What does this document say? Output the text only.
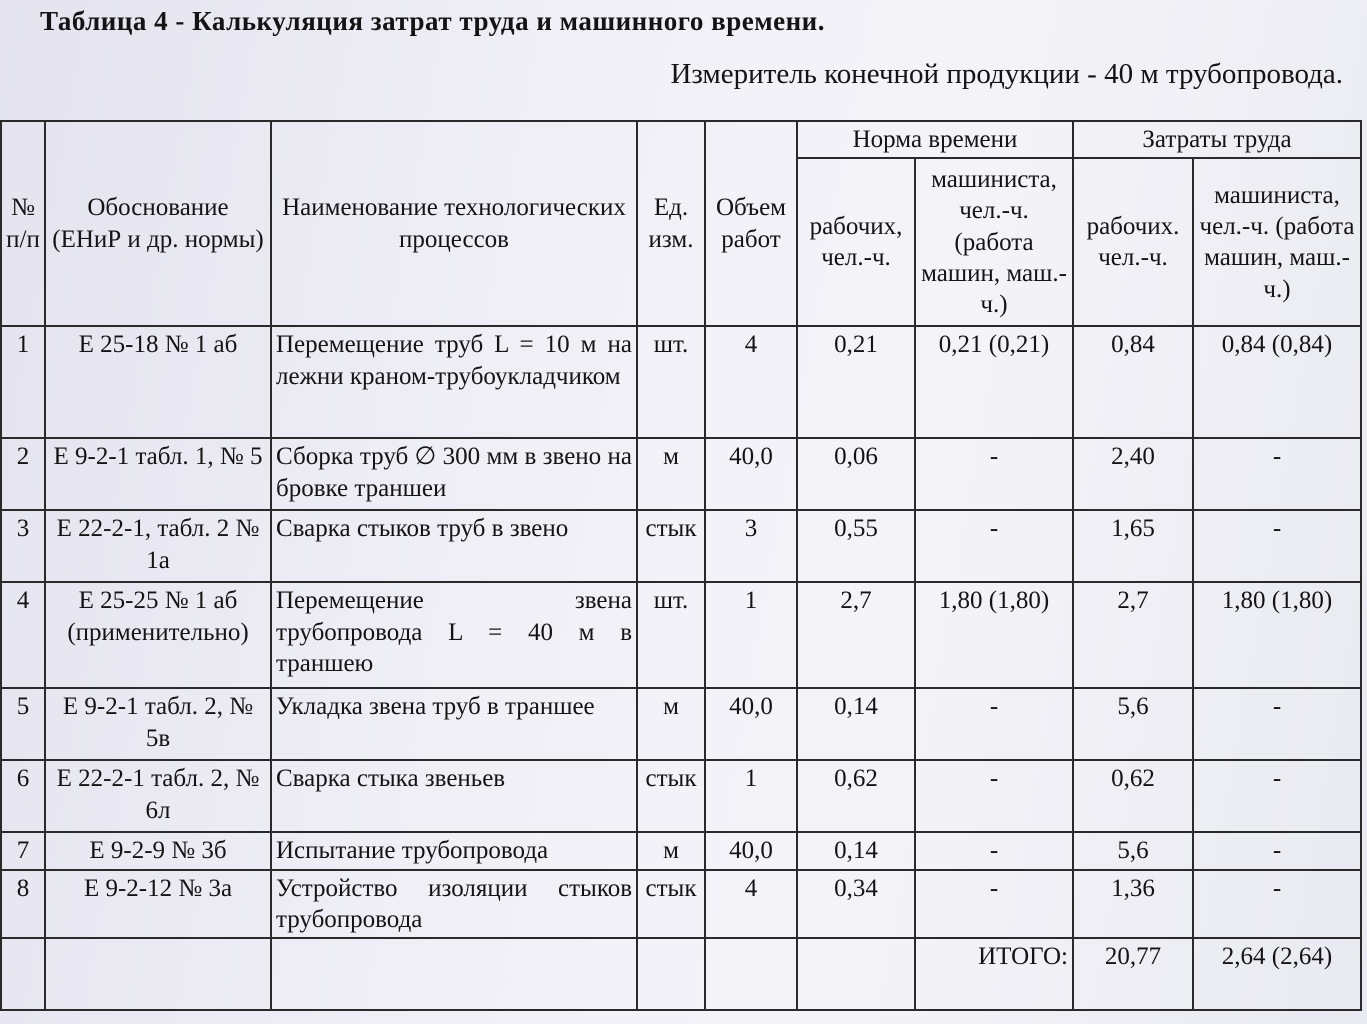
Таблица 4 - Калькуляция затрат труда и машинного времени.
Измеритель конечной продукции - 40 м трубопровода.
№ п/п	Обоснование (ЕНиР и др. нормы)	Наименование технологических процессов	Ед. изм.	Объем работ	Норма времени		Затраты труда	
					рабочих, чел.-ч.	машиниста, чел.-ч. (работа машин, маш.-ч.)	рабочих. чел.-ч.	машиниста, чел.-ч. (работа машин, маш.-ч.)
1	Е 25-18 № 1 аб	Перемещение труб L = 10 м на лежни краном-трубоукладчиком	шт.	4	0,21	0,21 (0,21)	0,84	0,84 (0,84)
2	Е 9-2-1 табл. 1, № 5	Сборка труб ∅ 300 мм в звено на бровке траншеи	м	40,0	0,06	-	2,40	-
3	Е 22-2-1, табл. 2 № 1а	Сварка стыков труб в звено	стык	3	0,55	-	1,65	-
4	Е 25-25 № 1 аб (применительно)	Перемещение звена трубопровода L = 40 м в траншею	шт.	1	2,7	1,80 (1,80)	2,7	1,80 (1,80)
5	Е 9-2-1 табл. 2, № 5в	Укладка звена труб в траншее	м	40,0	0,14	-	5,6	-
6	Е 22-2-1 табл. 2, № 6л	Сварка стыка звеньев	стык	1	0,62	-	0,62	-
7	Е 9-2-9 № 3б	Испытание трубопровода	м	40,0	0,14	-	5,6	-
8	Е 9-2-12 № 3а	Устройство изоляции стыков трубопровода	стык	4	0,34	-	1,36	-
						ИТОГО:	20,77	2,64 (2,64)
